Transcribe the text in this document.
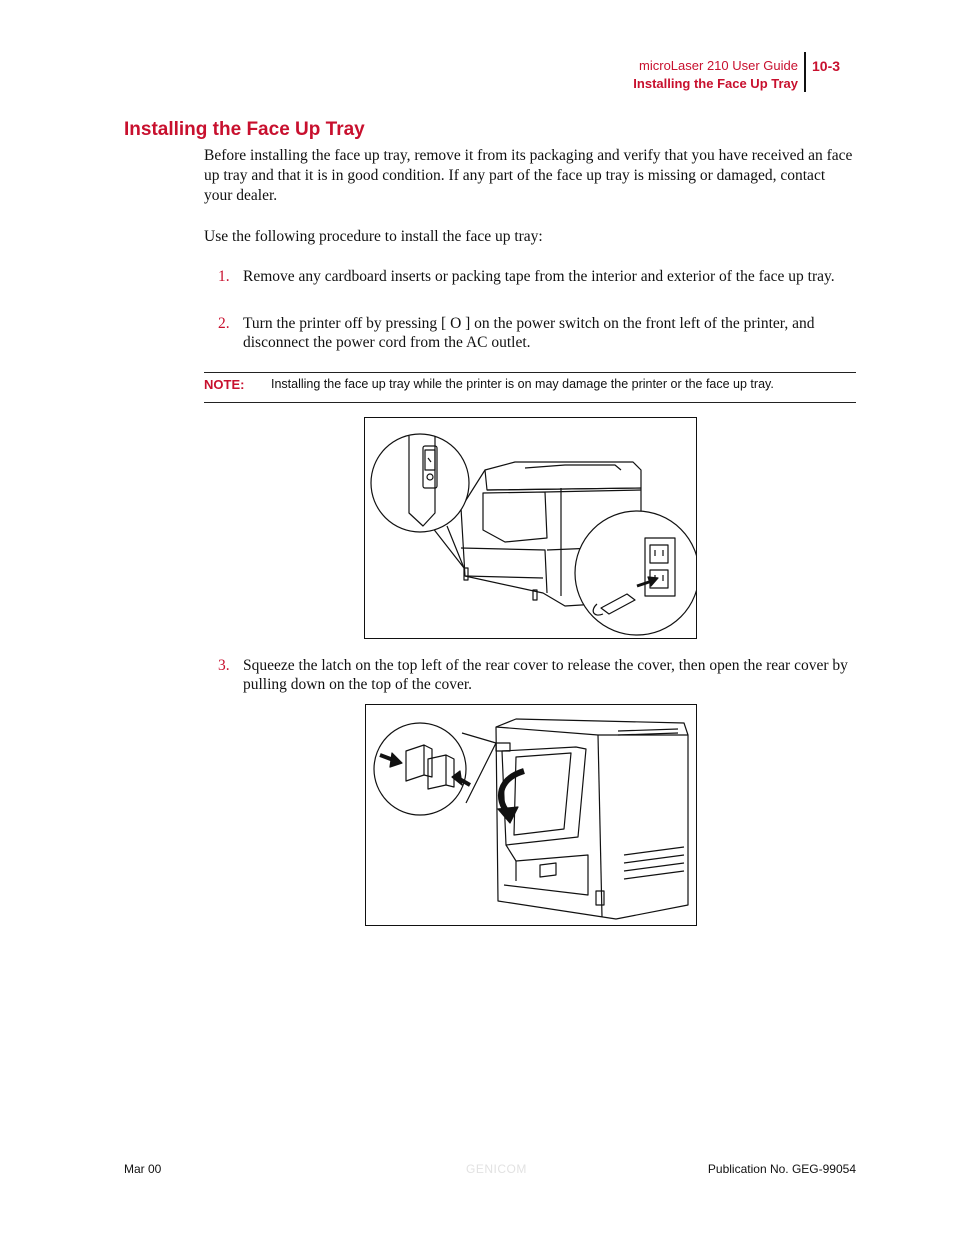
microLaser 210 User Guide
Installing the Face Up Tray
10-3
Installing the Face Up Tray

Before installing the face up tray, remove it from its packaging and verify that you have received an face up tray and that it is in good condition. If any part of the face up tray is missing or damaged, contact your dealer.

Use the following procedure to install the face up tray:

1. Remove any cardboard inserts or packing tape from the interior and exterior of the face up tray.
2. Turn the printer off by pressing [ O ] on the power switch on the front left of the printer, and disconnect the power cord from the AC outlet.
NOTE: Installing the face up tray while the printer is on may damage the printer or the face up tray.
3. Squeeze the latch on the top left of the rear cover to release the cover, then open the rear cover by pulling down on the top of the cover.
Mar 00	GENICOM	Publication No. GEG-99054
